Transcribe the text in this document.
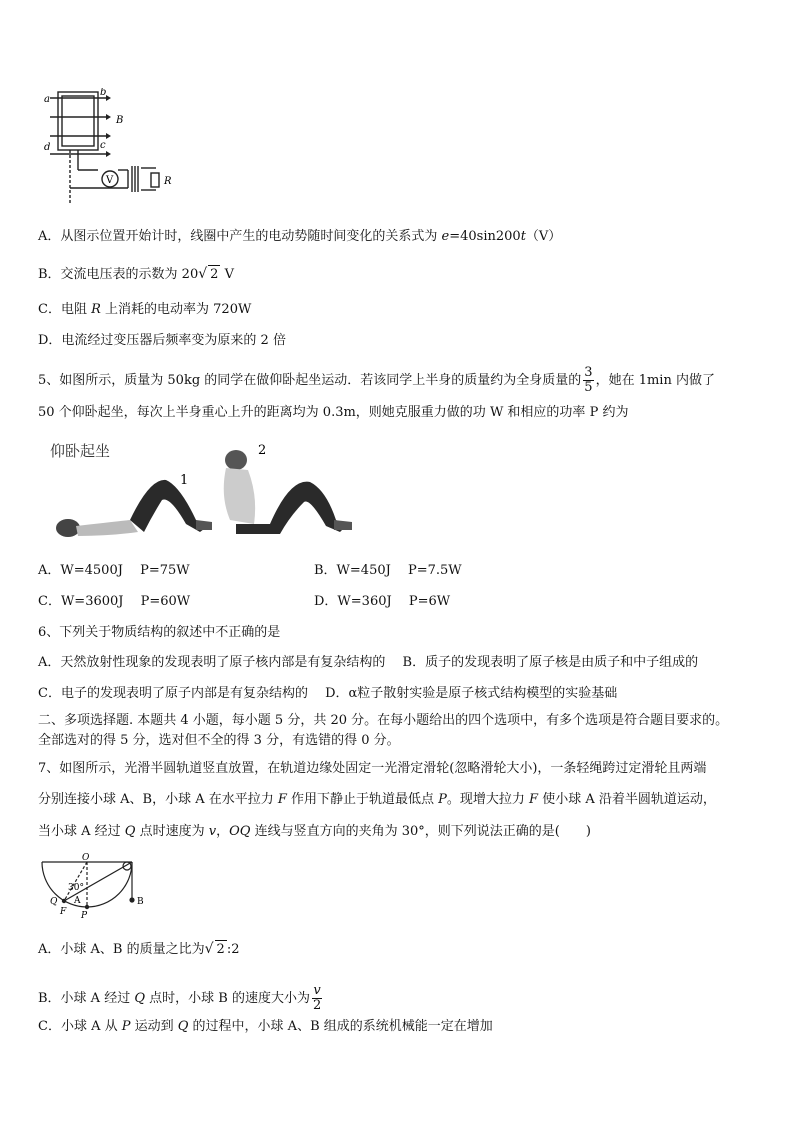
a
b
B
d	c
V	R
A．从图示位置开始计时，线圈中产生的电动势随时间变化的关系式为 e=40sin200t（V）
B．交流电压表的示数为 20√ 2 V
C．电阻 R 上消耗的电动率为 720W
D．电流经过变压器后频率变为原来的 2 倍
5、如图所示，质量为 50kg 的同学在做仰卧起坐运动．若该同学上半身的质量约为全身质量的 $\frac{3}{5}$ ，她在 1min 内做了
50 个仰卧起坐，每次上半身重心上升的距离均为 0.3m，则她克服重力做的功 W 和相应的功率 P 约为
仰卧起坐
1
2
A．W=4500J　 P=75W	B．W=450J　 P=7.5W
C．W=3600J　 P=60W	D．W=360J　 P=6W
6、下列关于物质结构的叙述中不正确的是
A．天然放射性现象的发现表明了原子核内部是有复杂结构的　 B．质子的发现表明了原子核是由质子和中子组成的
C．电子的发现表明了原子内部是有复杂结构的　 D．α粒子散射实验是原子核式结构模型的实验基础
二、多项选择题. 本题共 4 小题，每小题 5 分，共 20 分。在每小题给出的四个选项中，有多个选项是符合题目要求的。
全部选对的得 5 分，选对但不全的得 3 分，有选错的得 0 分。
7、如图所示，光滑半圆轨道竖直放置，在轨道边缘处固定一光滑定滑轮(忽略滑轮大小)，一条轻绳跨过定滑轮且两端
分别连接小球 A、B，小球 A 在水平拉力 F 作用下静止于轨道最低点 P。现增大拉力 F 使小球 A 沿着半圆轨道运动，
当小球 A 经过 Q 点时速度为 v，OQ 连线与竖直方向的夹角为 30°，则下列说法正确的是(　　)
O
30°
A
Q
F P
B
A．小球 A、B 的质量之比为√ 2 :2
B．小球 A 经过 Q 点时，小球 B 的速度大小为 $\frac{v}{2}$
C．小球 A 从 P 运动到 Q 的过程中，小球 A、B 组成的系统机械能一定在增加
